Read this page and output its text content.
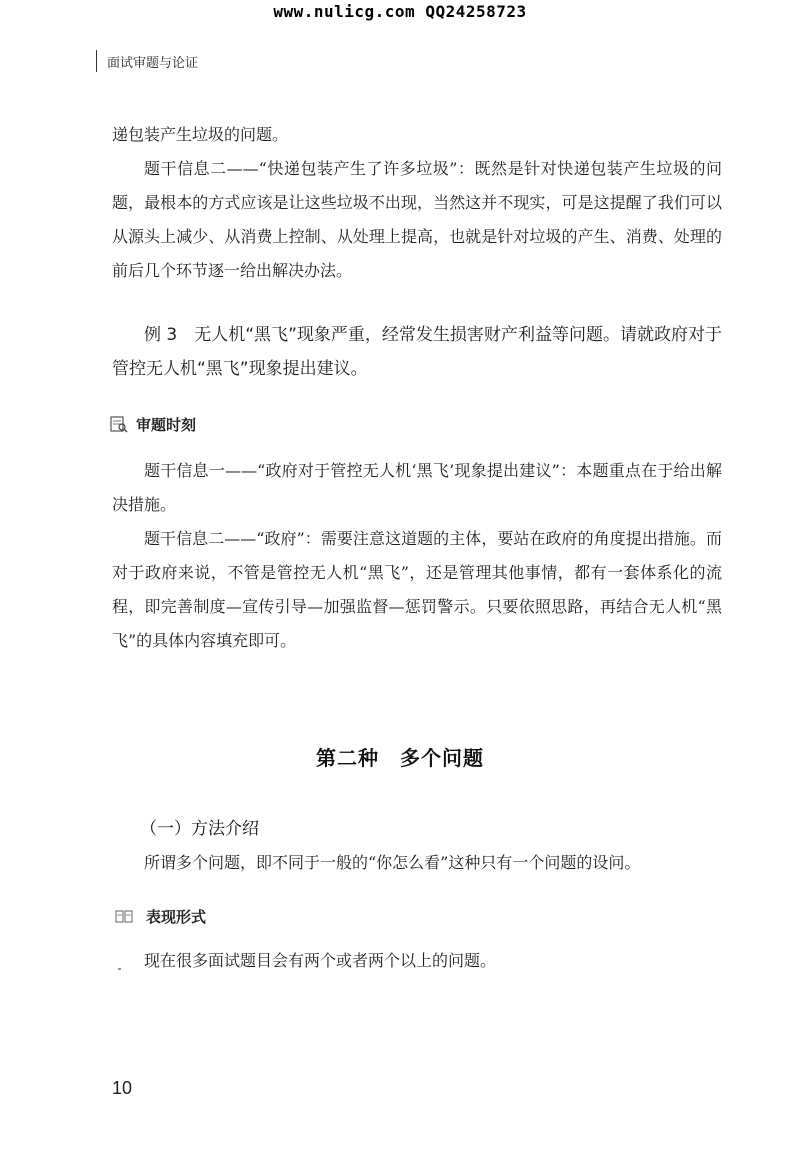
www.nulicg.com QQ24258723
面试审题与论证

递包装产生垃圾的问题。

题干信息二——“快递包装产生了许多垃圾”：既然是针对快递包装产生垃圾的问题，最根本的方式应该是让这些垃圾不出现，当然这并不现实，可是这提醒了我们可以从源头上减少、从消费上控制、从处理上提高，也就是针对垃圾的产生、消费、处理的前后几个环节逐一给出解决办法。

例 3　无人机“黑飞”现象严重，经常发生损害财产利益等问题。请就政府对于管控无人机“黑飞”现象提出建议。

审题时刻

题干信息一——“政府对于管控无人机‘黑飞’现象提出建议”：本题重点在于给出解决措施。

题干信息二——“政府”：需要注意这道题的主体，要站在政府的角度提出措施。而对于政府来说，不管是管控无人机“黑飞”，还是管理其他事情，都有一套体系化的流程，即完善制度—宣传引导—加强监督—惩罚警示。只要依照思路，再结合无人机“黑飞”的具体内容填充即可。

第二种　多个问题
（一）方法介绍

所谓多个问题，即不同于一般的“你怎么看”这种只有一个问题的设问。

表现形式

现在很多面试题目会有两个或者两个以上的问题。

10
